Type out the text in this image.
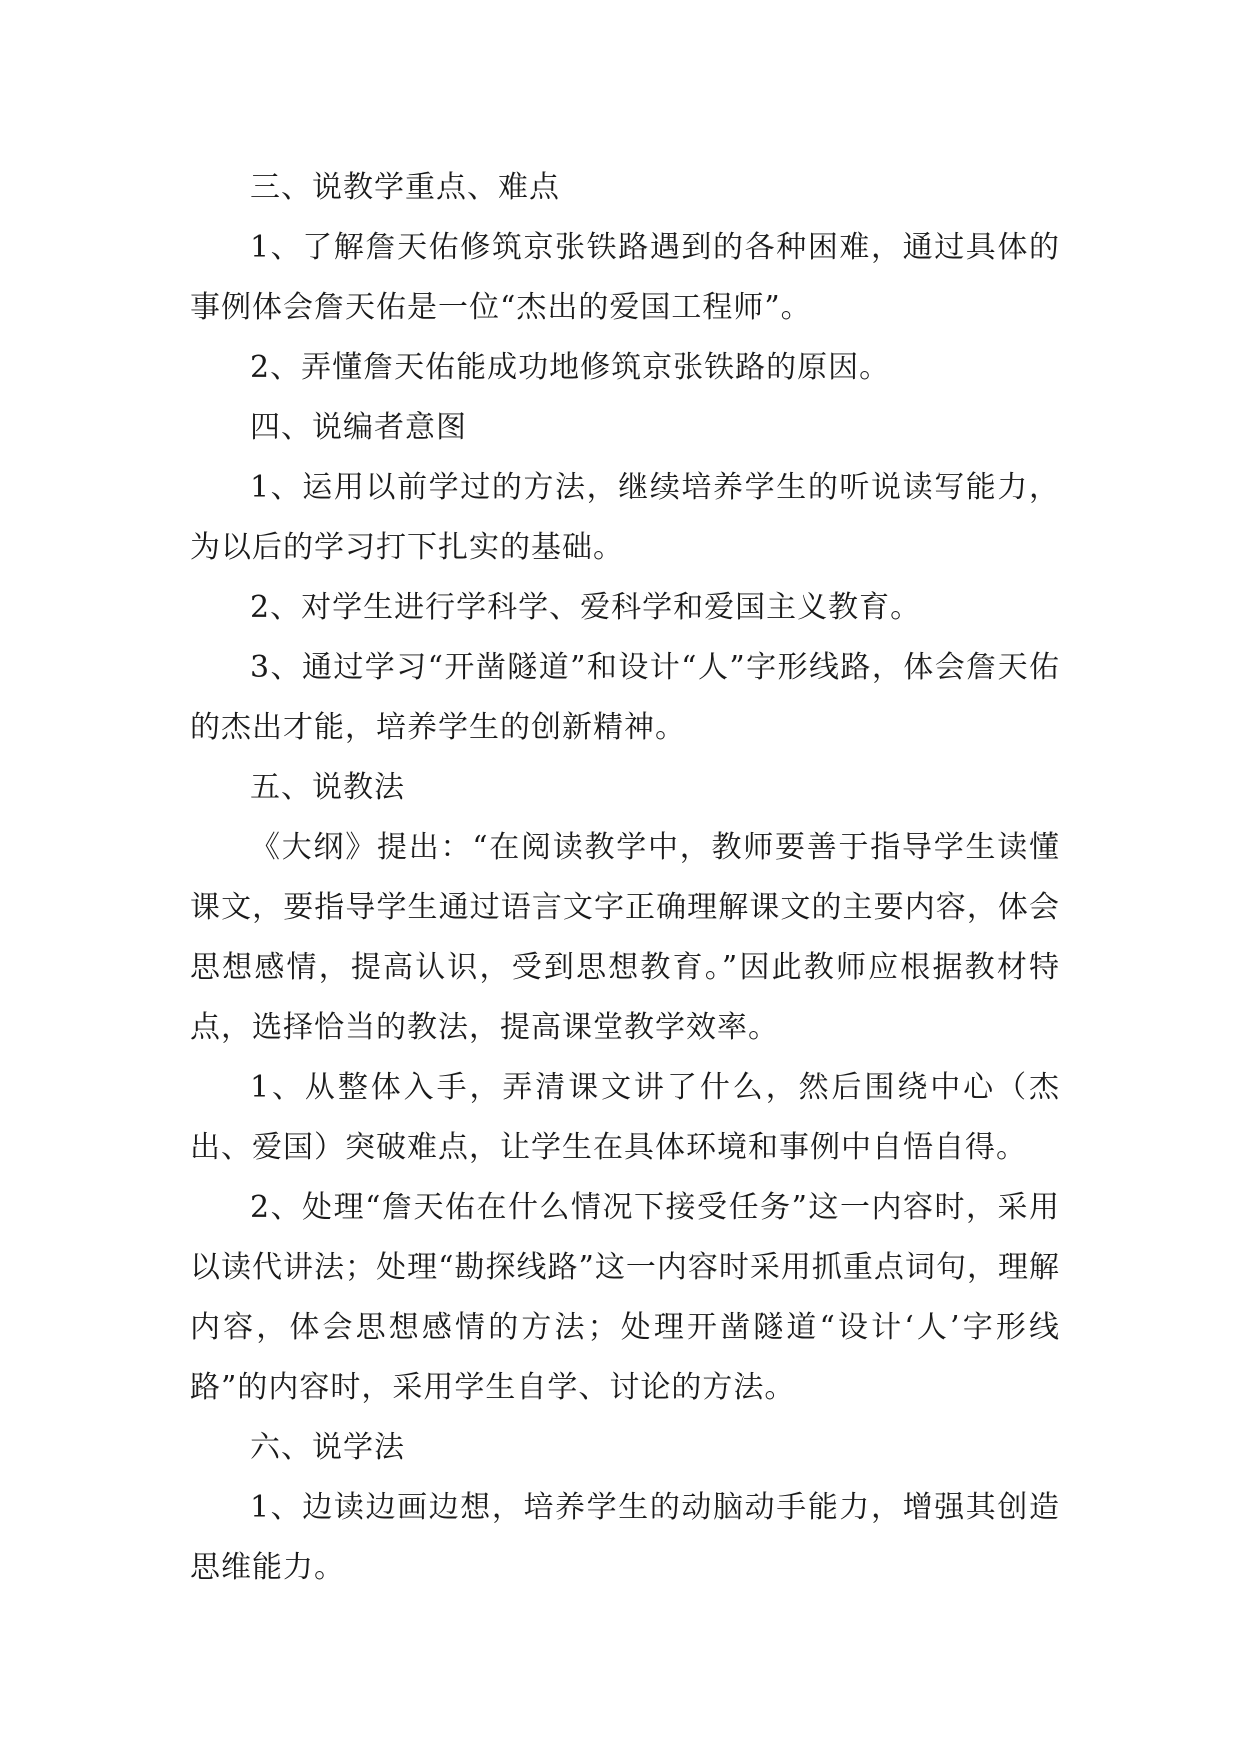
三、说教学重点、难点

1、了解詹天佑修筑京张铁路遇到的各种困难，通过具体的事例体会詹天佑是一位“杰出的爱国工程师”。

2、弄懂詹天佑能成功地修筑京张铁路的原因。

四、说编者意图

1、运用以前学过的方法，继续培养学生的听说读写能力，为以后的学习打下扎实的基础。

2、对学生进行学科学、爱科学和爱国主义教育。

3、通过学习“开凿隧道”和设计“人”字形线路，体会詹天佑的杰出才能，培养学生的创新精神。

五、说教法

《大纲》提出：“在阅读教学中，教师要善于指导学生读懂课文，要指导学生通过语言文字正确理解课文的主要内容，体会思想感情，提高认识，受到思想教育。”因此教师应根据教材特点，选择恰当的教法，提高课堂教学效率。

1、从整体入手，弄清课文讲了什么，然后围绕中心（杰出、爱国）突破难点，让学生在具体环境和事例中自悟自得。

2、处理“詹天佑在什么情况下接受任务”这一内容时，采用以读代讲法；处理“勘探线路”这一内容时采用抓重点词句，理解内容，体会思想感情的方法；处理开凿隧道“设计‘人’字形线路”的内容时，采用学生自学、讨论的方法。

六、说学法

1、边读边画边想，培养学生的动脑动手能力，增强其创造思维能力。
